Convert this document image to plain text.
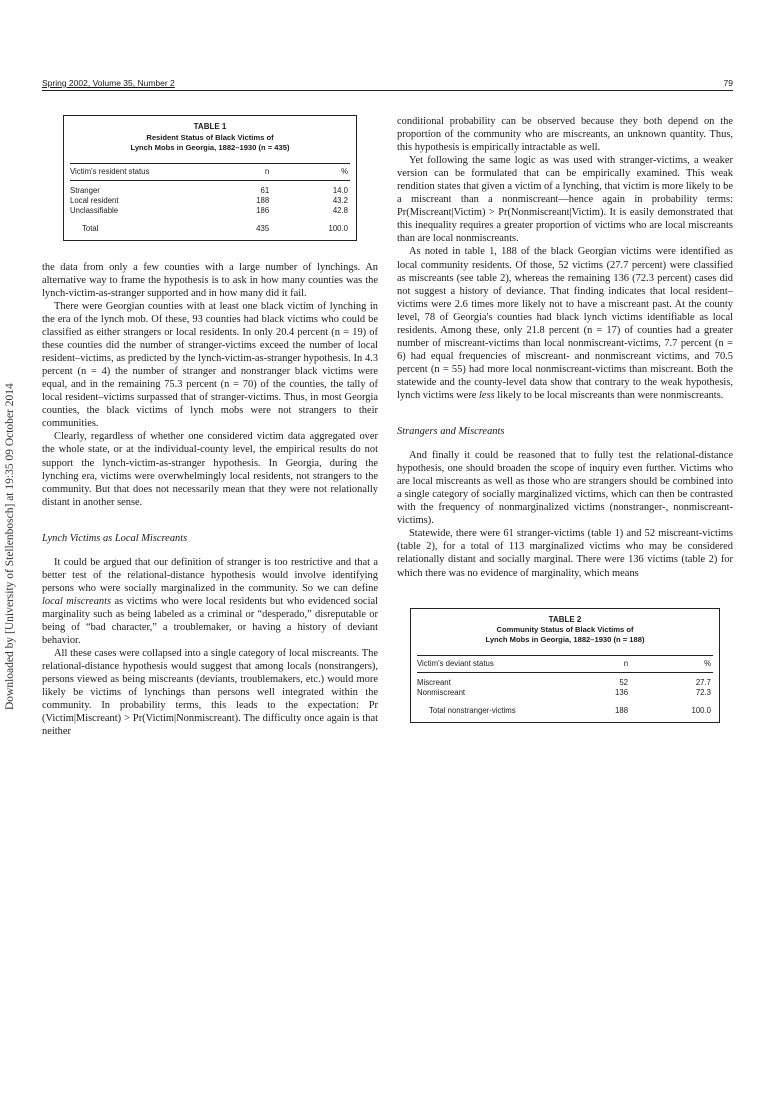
Downloaded by [University of Stellenbosch] at 19:35 09 October 2014
Spring 2002, Volume 35, Number 2	79
TABLE 1
Resident Status of Black Victims of
Lynch Mobs in Georgia, 1882–1930 (n = 435)
Victim's resident status	n	%
Stranger	61	14.0
Local resident	188	43.2
Unclassifiable	186	42.8
Total	435	100.0

the data from only a few counties with a large number of lynchings. An alternative way to frame the hypothesis is to ask in how many counties was the lynch-victim-as-stranger supported and in how many did it fail.

There were Georgian counties with at least one black victim of lynching in the era of the lynch mob. Of these, 93 counties had black victims who could be classified as either strangers or local residents. In only 20.4 percent (n = 19) of these counties did the number of stranger-victims exceed the number of local resident–victims, as predicted by the lynch-victim-as-stranger hypothesis. In 4.3 percent (n = 4) the number of stranger and nonstranger black victims were equal, and in the remaining 75.3 percent (n = 70) of the counties, the tally of local resident–victims surpassed that of stranger-victims. Thus, in most Georgia counties, the black victims of lynch mobs were not strangers to their communities.

Clearly, regardless of whether one considered victim data aggregated over the whole state, or at the individual-county level, the empirical results do not support the lynch-victim-as-stranger hypothesis. In Georgia, during the lynching era, victims were overwhelmingly local residents, not strangers to the community. But that does not necessarily mean that they were not relationally distant in another sense.

Lynch Victims as Local Miscreants

It could be argued that our definition of stranger is too restrictive and that a better test of the relational-distance hypothesis would involve identifying persons who were socially marginalized in the community. So we can define local miscreants as victims who were local residents but who evidenced social marginality such as being labeled as a criminal or “desperado,” disreputable or being of “bad character,” a troublemaker, or having a history of deviant behavior.

All these cases were collapsed into a single category of local miscreants. The relational-distance hypothesis would suggest that among locals (nonstrangers), persons viewed as being miscreants (deviants, troublemakers, etc.) would more likely be victims of lynchings than persons well integrated within the community. In probability terms, this leads to the expectation: Pr (Victim|Miscreant) > Pr(Victim|Nonmiscreant). The difficulty once again is that neither

conditional probability can be observed because they both depend on the proportion of the community who are miscreants, an unknown quantity. Thus, this hypothesis is empirically intractable as well.

Yet following the same logic as was used with stranger-victims, a weaker version can be formulated that can be empirically examined. This weak rendition states that given a victim of a lynching, that victim is more likely to be a miscreant than a nonmiscreant—hence again in probability terms: Pr(Miscreant|Victim) > Pr(Nonmiscreant|Victim). It is easily demonstrated that this inequality requires a greater proportion of victims who are local miscreants than are local nonmiscreants.

As noted in table 1, 188 of the black Georgian victims were identified as local community residents. Of those, 52 victims (27.7 percent) were classified as miscreants (see table 2), whereas the remaining 136 (72.3 percent) cases did not suggest a history of deviance. That finding indicates that local resident–victims were 2.6 times more likely not to have a miscreant past. At the county level, 78 of Georgia's counties had black lynch victims identifiable as local residents. Among these, only 21.8 percent (n = 17) of counties had a greater number of miscreant-victims than local nonmiscreant-victims, 7.7 percent (n = 6) had equal frequencies of miscreant- and nonmiscreant victims, and 70.5 percent (n = 55) had more local nonmiscreant-victims than miscreant. Both the statewide and the county-level data show that contrary to the weak hypothesis, lynch victims were less likely to be local miscreants than were nonmiscreants.

Strangers and Miscreants

And finally it could be reasoned that to fully test the relational-distance hypothesis, one should broaden the scope of inquiry even further. Victims who are local miscreants as well as those who are strangers should be combined into a single category of socially marginalized victims, which can then be contrasted with the frequency of nonmarginalized victims (nonstranger-, nonmiscreant-victims).

Statewide, there were 61 stranger-victims (table 1) and 52 miscreant-victims (table 2), for a total of 113 marginalized victims who may be considered relationally distant and socially marginal. There were 136 victims (table 2) for which there was no evidence of marginality, which means

TABLE 2
Community Status of Black Victims of
Lynch Mobs in Georgia, 1882–1930 (n = 188)
Victim's deviant status	n	%
Miscreant	52	27.7
Nonmiscreant	136	72.3
Total nonstranger-victims	188	100.0
